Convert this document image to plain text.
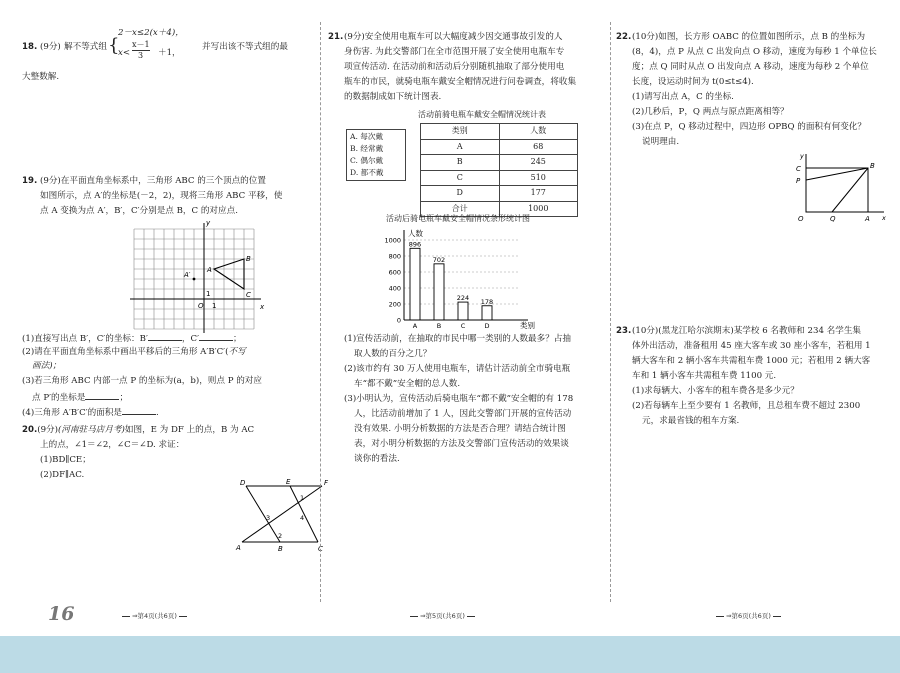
18. (9分) 解不等式组 {
2－x≤2(x＋4)，
x<
x－1
3 ＋1，
并写出该不等式组的最
大整数解.
19. (9分)在平面直角坐标系中，三角形 ABC 的三个顶点的位置

如图所示，点 A′的坐标是(－2，2)，现将三角形 ABC 平移，使

点 A 变换为点 A′，B′，C′分别是点 B，C 的对应点.

y
x
O 1
1
A′
A
B
C

(1)直接写出点 B′，C′的坐标：B′	，C′	；

(2)请在平面直角坐标系中画出平移后的三角形 A′B′C′(不写

画法)；

(3)若三角形 ABC 内部一点 P 的坐标为(a，b)，则点 P 的对应

点 P′的坐标是	；

(4)三角形 A′B′C′的面积是	.

20.(9分)(河南驻马店月考)如图，E 为 DF 上的点，B 为 AC

上的点，∠1＝∠2，∠C＝∠D. 求证：

(1)BD∥CE；

(2)DF∥AC.

D	E	F
A	B	C
1
2
3	4
21. (9分)安全使用电瓶车可以大幅度减少因交通事故引发的人

身伤害. 为此交警部门在全市范围开展了安全使用电瓶车专

项宣传活动. 在活动前和活动后分别随机抽取了部分使用电

瓶车的市民，就骑电瓶车戴安全帽情况进行问卷调查，将收集

的数据制成如下统计图表.

活动前骑电瓶车戴安全帽情况统计表

A. 每次戴
B. 经常戴
C. 偶尔戴
D. 都不戴
类别	人数
A	68
B	245
C	510
D	177
合计	1000

活动后骑电瓶车戴安全帽情况条形统计图

1000
800
600
400
200
0
896
A
702
B
224
C
178
D
人数
类别

(1)宣传活动前，在抽取的市民中哪一类别的人数最多？占抽

取人数的百分之几？

(2)该市约有 30 万人使用电瓶车，请估计活动前全市骑电瓶

车“都不戴”安全帽的总人数.

(3)小明认为，宣传活动后骑电瓶车“都不戴”安全帽的有 178

人，比活动前增加了 1 人，因此交警部门开展的宣传活动

没有效果. 小明分析数据的方法是否合理？请结合统计图

表，对小明分析数据的方法及交警部门宣传活动的效果谈

谈你的看法.

22. (10分)如图，长方形 OABC 的位置如图所示，点 B 的坐标为

(8，4)，点 P 从点 C 出发向点 O 移动，速度为每秒 1 个单位长

度；点 Q 同时从点 O 出发向点 A 移动，速度为每秒 2 个单位

长度，设运动时间为 t(0≤t≤4).

(1)请写出点 A，C 的坐标.

(2)几秒后，P，Q 两点与原点距离相等？

(3)在点 P，Q 移动过程中，四边形 OPBQ 的面积有何变化？

说明理由.

y
x
C
P
B
O	Q	A
23. (10分)(黑龙江哈尔滨期末)某学校 6 名教师和 234 名学生集

体外出活动，准备租用 45 座大客车或 30 座小客车，若租用 1

辆大客车和 2 辆小客车共需租车费 1000 元；若租用 2 辆大客

车和 1 辆小客车共需租车费 1100 元.

(1)求每辆大、小客车的租车费各是多少元？

(2)若每辆车上至少要有 1 名教师，且总租车费不超过 2300

元，求最省钱的租车方案.

16	⇒第4页(共6页)	⇒第5页(共6页)	⇒第6页(共6页)
